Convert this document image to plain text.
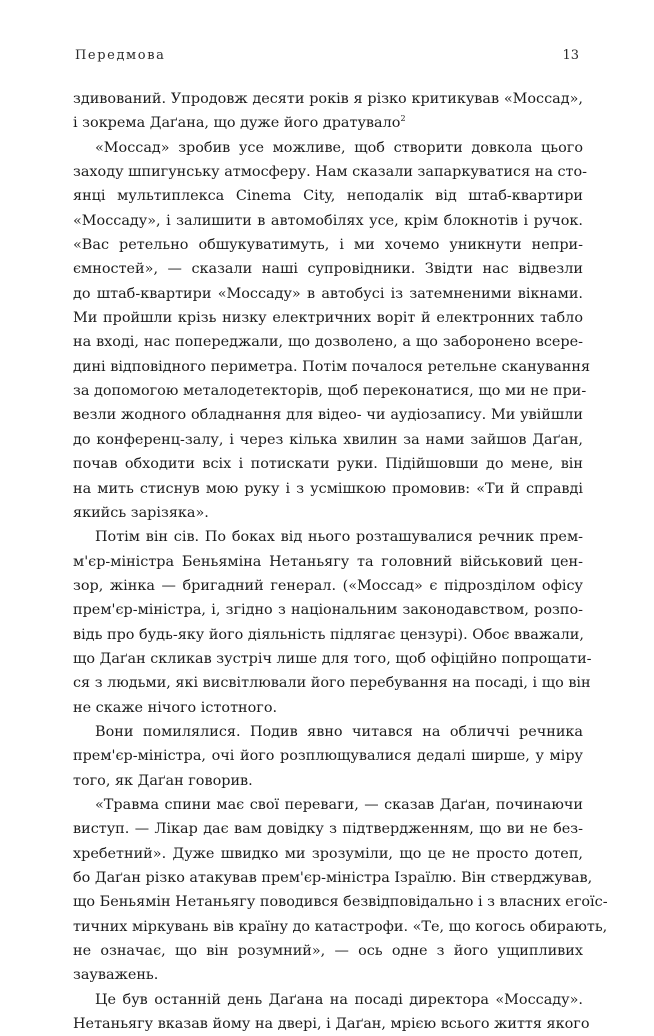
Передмова	13
здивований. Упродовж десяти років я різко критикував «Моссад»,
і зокрема Даґана, що дуже його дратувало$^2$
«Моссад» зробив усе можливе, щоб створити довкола цього
заходу шпигунську атмосферу. Нам сказали запаркуватися на сто-
янці мультиплекса Cinema City, неподалік від штаб-квартири
«Моссаду», і залишити в автомобілях усе, крім блокнотів і ручок.
«Вас ретельно обшукуватимуть, і ми хочемо уникнути непри-
ємностей», — сказали наші супровідники. Звідти нас відвезли
до штаб-квартири «Моссаду» в автобусі із затемненими вікнами.
Ми пройшли крізь низку електричних воріт й електронних табло
на вході, нас попереджали, що дозволено, а що заборонено всере-
дині відповідного периметра. Потім почалося ретельне сканування
за допомогою металодетекторів, щоб переконатися, що ми не при-
везли жодного обладнання для відео- чи аудіозапису. Ми увійшли
до конференц-залу, і через кілька хвилин за нами зайшов Даґан,
почав обходити всіх і потискати руки. Підійшовши до мене, він
на мить стиснув мою руку і з усмішкою промовив: «Ти й справді
якийсь зарізяка».
Потім він сів. По боках від нього розташувалися речник прем-
м'єр-міністра Беньяміна Нетаньягу та головний військовий цен-
зор, жінка — бригадний генерал. («Моссад» є підрозділом офісу
прем'єр-міністра, і, згідно з національним законодавством, розпо-
відь про будь-яку його діяльність підлягає цензурі). Обоє вважали,
що Даґан скликав зустріч лише для того, щоб офіційно попрощати-
ся з людьми, які висвітлювали його перебування на посаді, і що він
не скаже нічого істотного.
Вони помилялися. Подив явно читався на обличчі речника
прем'єр-міністра, очі його розплющувалися дедалі ширше, у міру
того, як Даґан говорив.
«Травма спини має свої переваги, — сказав Даґан, починаючи
виступ. — Лікар дає вам довідку з підтвердженням, що ви не без-
хребетний». Дуже швидко ми зрозуміли, що це не просто дотеп,
бо Даґан різко атакував прем'єр-міністра Ізраїлю. Він стверджував,
що Беньямін Нетаньягу поводився безвідповідально і з власних егоїс-
тичних міркувань вів країну до катастрофи. «Те, що когось обирають,
не означає, що він розумний», — ось одне з його ущипливих
зауважень.
Це був останній день Даґана на посаді директора «Моссаду».
Нетаньягу вказав йому на двері, і Даґан, мрією всього життя якого
